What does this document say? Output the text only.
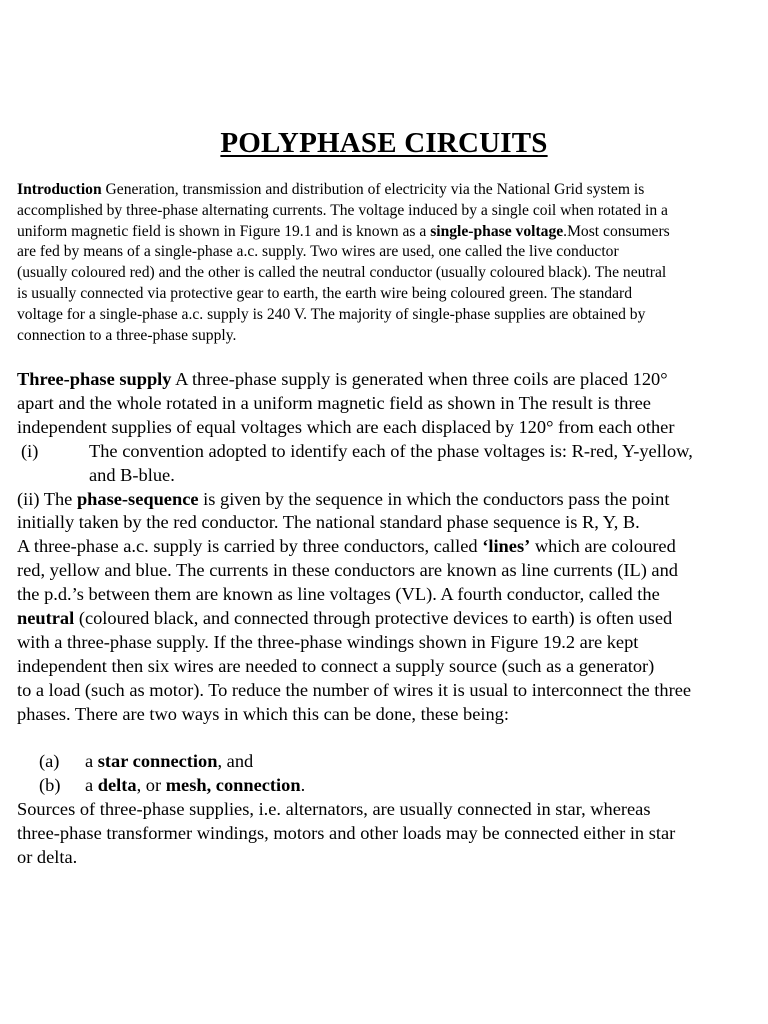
POLYPHASE CIRCUITS
Introduction Generation, transmission and distribution of electricity via the National Grid system is
accomplished by three-phase alternating currents. The voltage induced by a single coil when rotated in a
uniform magnetic field is shown in Figure 19.1 and is known as a single-phase voltage.Most consumers
are fed by means of a single-phase a.c. supply. Two wires are used, one called the live conductor
(usually coloured red) and the other is called the neutral conductor (usually coloured black). The neutral
is usually connected via protective gear to earth, the earth wire being coloured green. The standard
voltage for a single-phase a.c. supply is 240 V. The majority of single-phase supplies are obtained by
connection to a three-phase supply.
Three-phase supply A three-phase supply is generated when three coils are placed 120°
apart and the whole rotated in a uniform magnetic field as shown in The result is three
independent supplies of equal voltages which are each displaced by 120° from each other
(i)	The convention adopted to identify each of the phase voltages is: R-red, Y-yellow,
and B-blue.
(ii) The phase-sequence is given by the sequence in which the conductors pass the point
initially taken by the red conductor. The national standard phase sequence is R, Y, B.
A three-phase a.c. supply is carried by three conductors, called ‘lines’ which are coloured
red, yellow and blue. The currents in these conductors are known as line currents (IL) and
the p.d.’s between them are known as line voltages (VL). A fourth conductor, called the
neutral (coloured black, and connected through protective devices to earth) is often used
with a three-phase supply. If the three-phase windings shown in Figure 19.2 are kept
independent then six wires are needed to connect a supply source (such as a generator)
to a load (such as motor). To reduce the number of wires it is usual to interconnect the three
phases. There are two ways in which this can be done, these being:
(a) a star connection, and
(b) a delta, or mesh, connection.
Sources of three-phase supplies, i.e. alternators, are usually connected in star, whereas
three-phase transformer windings, motors and other loads may be connected either in star
or delta.
